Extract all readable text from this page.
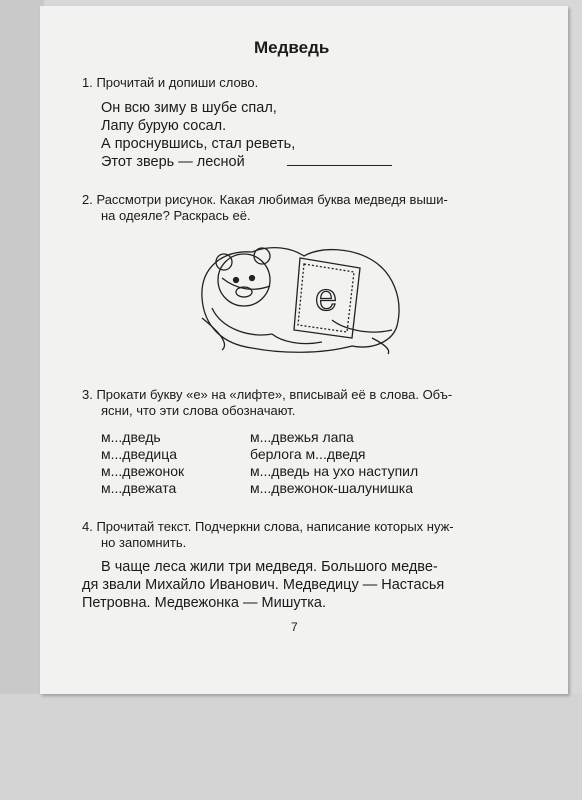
Медведь
1. Прочитай и допиши слово.
Он всю зиму в шубе спал,
Лапу бурую сосал.
А проснувшись, стал реветь,
Этот зверь — лесной
2. Рассмотри рисунок. Какая любимая буква медведя выши-
на одеяле? Раскрась её.
е
3. Прокати букву «е» на «лифте», вписывай её в слова. Объ-
ясни, что эти слова обозначают.
м...дведь
м...дведица
м...двежонок
м...двежата
м...двежья лапа
берлога м...дведя
м...дведь на ухо наступил
м...двежонок-шалунишка
4. Прочитай текст. Подчеркни слова, написание которых нуж-
но запомнить.
В чаще леса жили три медведя. Большого медве-
дя звали Михайло Иванович. Медведицу — Настасья
Петровна. Медвежонка — Мишутка.
7
